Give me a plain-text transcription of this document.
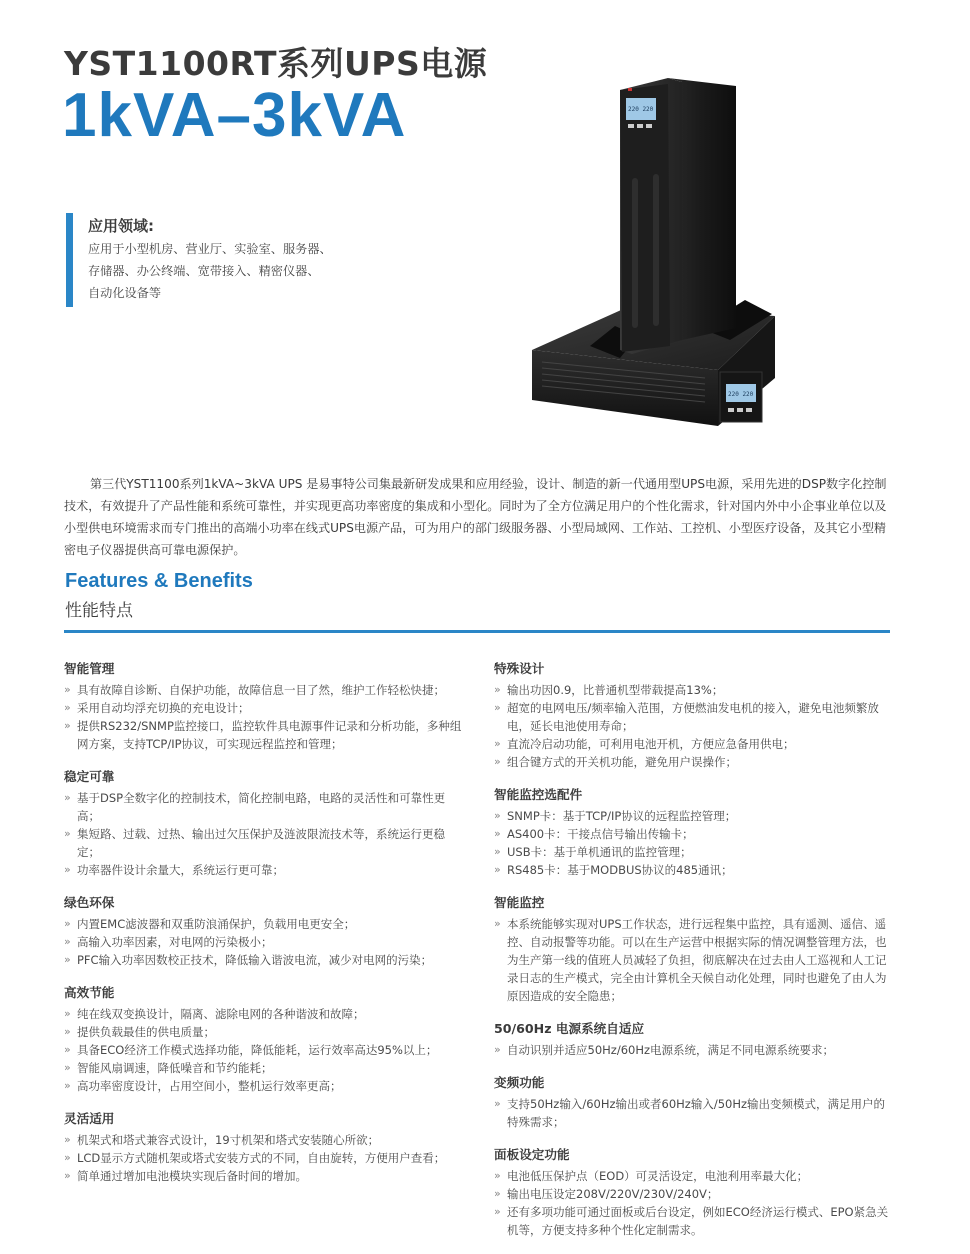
YST1100RT系列UPS电源
1kVA–3kVA
应用领域:

应用于小型机房、营业厅、实验室、服务器、
存储器、办公终端、宽带接入、精密仪器、
自动化设备等

220 220
220 220

第三代YST1100系列1kVA~3kVA UPS 是易事特公司集最新研发成果和应用经验，设计、制造的新一代通用型UPS电源，采用先进的DSP数字化控制技术，有效提升了产品性能和系统可靠性，并实现更高功率密度的集成和小型化。同时为了全方位满足用户的个性化需求，针对国内外中小企事业单位以及小型供电环境需求而专门推出的高端小功率在线式UPS电源产品，可为用户的部门级服务器、小型局域网、工作站、工控机、小型医疗设备，及其它小型精密电子仪器提供高可靠电源保护。

Features & Benefits
性能特点
智能管理
» 具有故障自诊断、自保护功能，故障信息一目了然，维护工作轻松快捷；
» 采用自动均浮充切换的充电设计；
» 提供RS232/SNMP监控接口，监控软件具电源事件记录和分析功能，多种组网方案，支持TCP/IP协议，可实现远程监控和管理；
稳定可靠
» 基于DSP全数字化的控制技术，简化控制电路，电路的灵活性和可靠性更高；
» 集短路、过载、过热、输出过欠压保护及涟波限流技术等，系统运行更稳定；
» 功率器件设计余量大，系统运行更可靠；
绿色环保
» 内置EMC滤波器和双重防浪涌保护，负载用电更安全；
» 高输入功率因素，对电网的污染极小；
» PFC输入功率因数校正技术，降低输入谐波电流，减少对电网的污染；
高效节能
» 纯在线双变换设计，隔离、滤除电网的各种谐波和故障；
» 提供负载最佳的供电质量；
» 具备ECO经济工作模式选择功能，降低能耗，运行效率高达95%以上；
» 智能风扇调速，降低噪音和节约能耗；
» 高功率密度设计，占用空间小，整机运行效率更高；
灵活适用
» 机架式和塔式兼容式设计，19寸机架和塔式安装随心所欲；
» LCD显示方式随机架或塔式安装方式的不同，自由旋转，方便用户查看；
» 简单通过增加电池模块实现后备时间的增加。
特殊设计
» 输出功因0.9，比普通机型带载提高13%；
» 超宽的电网电压/频率输入范围，方便燃油发电机的接入，避免电池频繁放电，延长电池使用寿命；
» 直流冷启动功能，可利用电池开机，方便应急备用供电；
» 组合键方式的开关机功能，避免用户误操作；
智能监控选配件
» SNMP卡：基于TCP/IP协议的远程监控管理；
» AS400卡：干接点信号输出传输卡；
» USB卡：基于单机通讯的监控管理；
» RS485卡：基于MODBUS协议的485通讯；
智能监控
» 本系统能够实现对UPS工作状态，进行远程集中监控，具有遥测、遥信、遥控、自动报警等功能。可以在生产运营中根据实际的情况调整管理方法，也为生产第一线的值班人员减轻了负担，彻底解决在过去由人工巡视和人工记录日志的生产模式，完全由计算机全天候自动化处理，同时也避免了由人为原因造成的安全隐患；
50/60Hz 电源系统自适应
» 自动识别并适应50Hz/60Hz电源系统，满足不同电源系统要求；
变频功能
» 支持50Hz输入/60Hz输出或者60Hz输入/50Hz输出变频模式，满足用户的特殊需求；
面板设定功能
» 电池低压保护点（EOD）可灵活设定，电池利用率最大化；
» 输出电压设定208V/220V/230V/240V；
» 还有多项功能可通过面板或后台设定，例如ECO经济运行模式、EPO紧急关机等，方便支持多种个性化定制需求。
